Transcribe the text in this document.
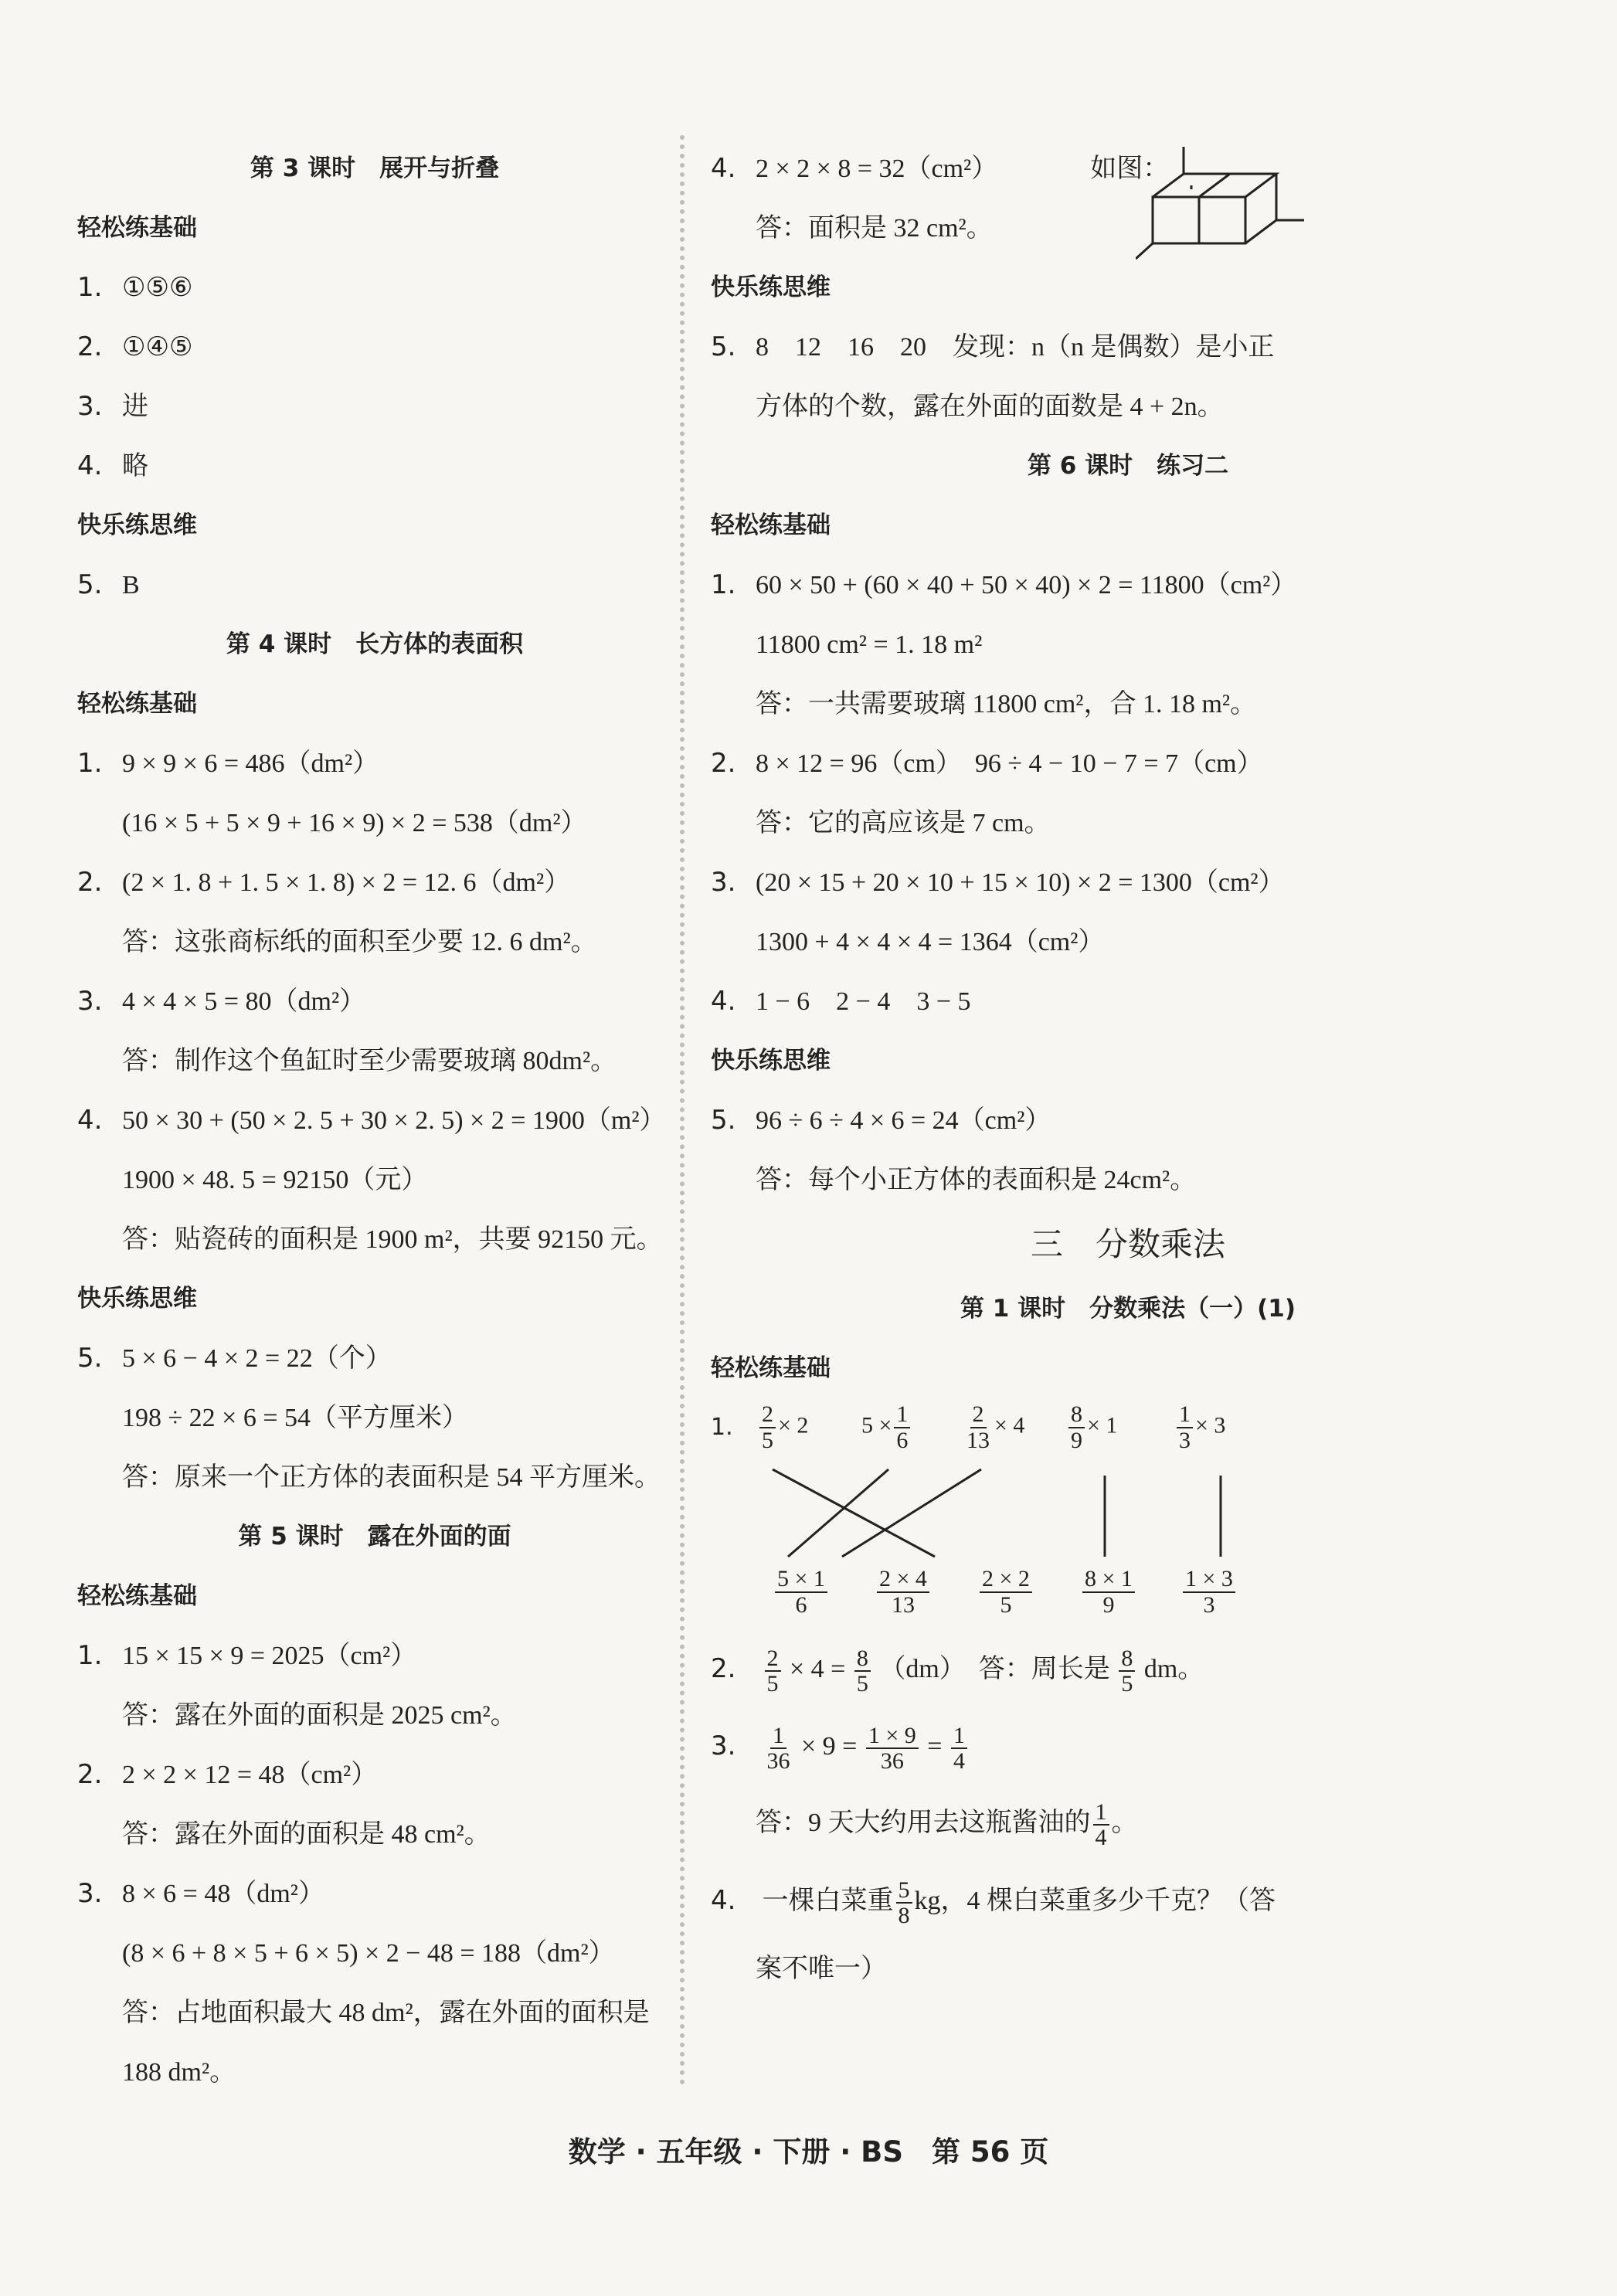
第 3 课时　展开与折叠
轻松练基础
1. ①⑤⑥
2. ①④⑤
3. 进
4. 略
快乐练思维
5. B
第 4 课时　长方体的表面积
轻松练基础
1. 9 × 9 × 6 = 486（dm²）
(16 × 5 + 5 × 9 + 16 × 9) × 2 = 538（dm²）
2. (2 × 1. 8 + 1. 5 × 1. 8) × 2 = 12. 6（dm²）
答：这张商标纸的面积至少要 12. 6 dm²。
3. 4 × 4 × 5 = 80（dm²）
答：制作这个鱼缸时至少需要玻璃 80dm²。
4. 50 × 30 + (50 × 2. 5 + 30 × 2. 5) × 2 = 1900（m²）
1900 × 48. 5 = 92150（元）
答：贴瓷砖的面积是 1900 m²，共要 92150 元。
快乐练思维
5. 5 × 6 − 4 × 2 = 22（个）
198 ÷ 22 × 6 = 54（平方厘米）
答：原来一个正方体的表面积是 54 平方厘米。
第 5 课时　露在外面的面
轻松练基础
1. 15 × 15 × 9 = 2025（cm²）
答：露在外面的面积是 2025 cm²。
2. 2 × 2 × 12 = 48（cm²）
答：露在外面的面积是 48 cm²。
3. 8 × 6 = 48（dm²）
(8 × 6 + 8 × 5 + 6 × 5) × 2 − 48 = 188（dm²）
答：占地面积最大 48 dm²，露在外面的面积是
188 dm²。
4. 2 × 2 × 8 = 32（cm²）	如图：
答：面积是 32 cm²。
快乐练思维
5. 8　12　16　20　发现：n（n 是偶数）是小正
方体的个数，露在外面的面数是 4 + 2n。
第 6 课时　练习二
轻松练基础
1. 60 × 50 + (60 × 40 + 50 × 40) × 2 = 11800（cm²）
11800 cm² = 1. 18 m²
答：一共需要玻璃 11800 cm²，合 1. 18 m²。
2. 8 × 12 = 96（cm）　96 ÷ 4 − 10 − 7 = 7（cm）
答：它的高应该是 7 cm。
3. (20 × 15 + 20 × 10 + 15 × 10) × 2 = 1300（cm²）
1300 + 4 × 4 × 4 = 1364（cm²）
4. 1 − 6　2 − 4　3 − 5
快乐练思维
5. 96 ÷ 6 ÷ 4 × 6 = 24（cm²）
答：每个小正方体的表面积是 24cm²。
三　分数乘法
第 1 课时　分数乘法（一）(1)
轻松练基础
1.	$\frac{2}{5} \times 2$ $5 \times \frac{1}{6} \frac{2}{13} \times 4 \frac{8}{9} \times 1$	$\frac{1}{3} \times 3$
$\frac{5 \times 1}{6} \frac{2 \times 4}{13} \frac{2 \times 2}{5} \frac{8 \times 1}{9} \frac{1 \times 3}{3}$
2. $\frac{2}{5} \times 4 = \frac{8}{5} (dm)$　答：周长是 $\frac{8}{5}$ dm。
3. $\frac{1}{36} \times 9 = \frac{1 \times 9}{36} = \frac{1}{4}$
答：9 天大约用去这瓶酱油的 $\frac{1}{4}$ 。
4. 一棵白菜重 $\frac{5}{8}$ kg，4 棵白菜重多少千克？（答
案不唯一）
数学 · 五年级 · 下册 · BS　第 56 页
